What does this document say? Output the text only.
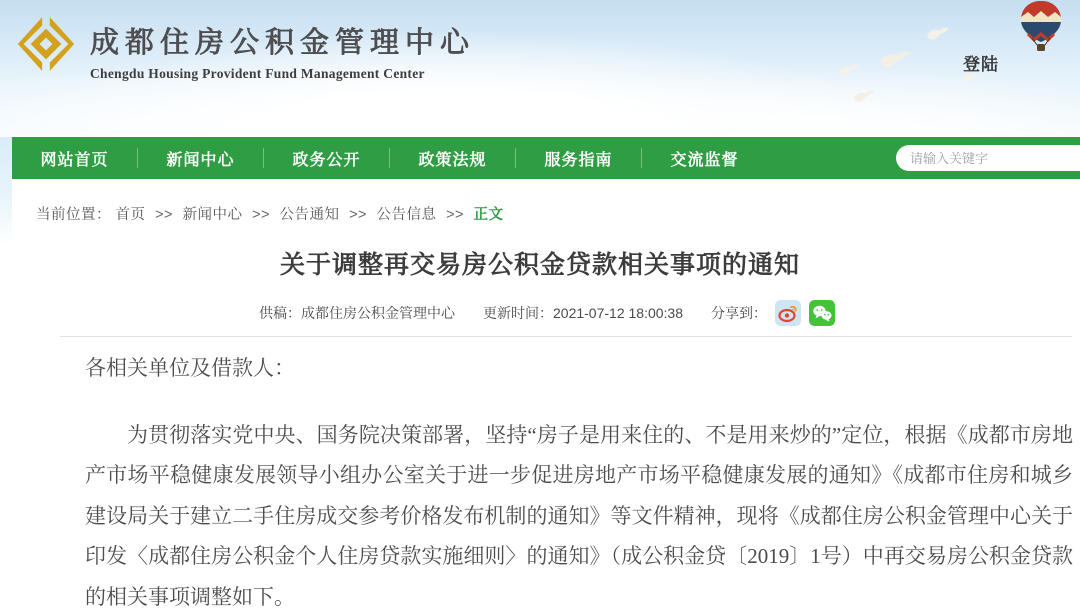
成都住房公积金管理中心
Chengdu Housing Provident Fund Management Center	登陆
网站首页	新闻中心	政务公开	政策法规	服务指南	交流监督
请输入关键字
当前位置： 首页 >> 新闻中心 >> 公告通知 >> 公告信息 >> 正文
关于调整再交易房公积金贷款相关事项的通知
供稿：成都住房公积金管理中心 更新时间：2021-07-12 18:00:38 分享到：
各相关单位及借款人：

为贯彻落实党中央、国务院决策部署，坚持“房子是用来住的、不是用来炒的”定位，根据《成都市房地产市场平稳健康发展领导小组办公室关于进一步促进房地产市场平稳健康发展的通知》《成都市住房和城乡建设局关于建立二手住房成交参考价格发布机制的通知》等文件精神，现将《成都住房公积金管理中心关于印发〈成都住房公积金个人住房贷款实施细则〉的通知》（成公积金贷〔2019〕1号）中再交易房公积金贷款的相关事项调整如下。
